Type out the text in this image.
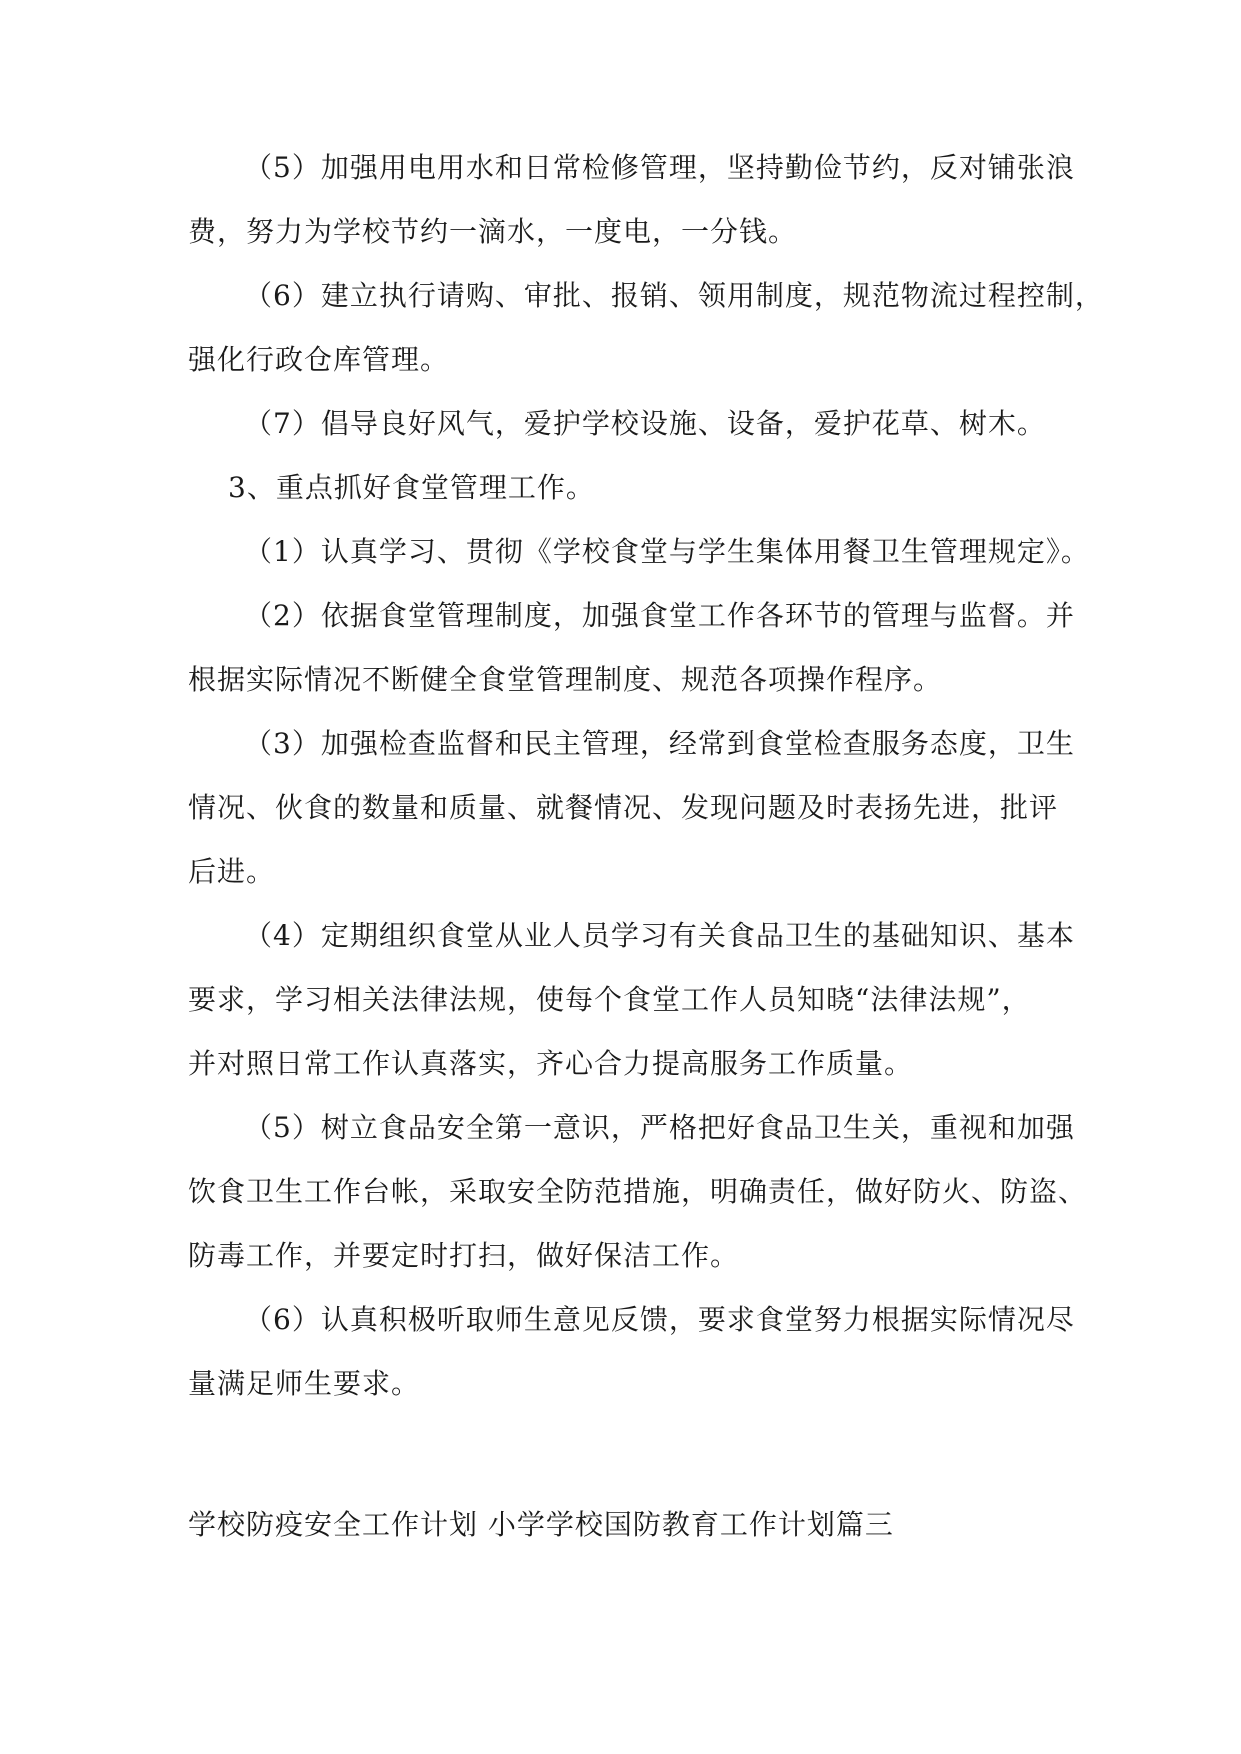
（5）加强用电用水和日常检修管理，坚持勤俭节约，反对铺张浪
费，努力为学校节约一滴水，一度电，一分钱。
（6）建立执行请购、审批、报销、领用制度，规范物流过程控制，
强化行政仓库管理。
（7）倡导良好风气，爱护学校设施、设备，爱护花草、树木。
3、重点抓好食堂管理工作。
（1）认真学习、贯彻《学校食堂与学生集体用餐卫生管理规定》。
（2）依据食堂管理制度，加强食堂工作各环节的管理与监督。并
根据实际情况不断健全食堂管理制度、规范各项操作程序。
（3）加强检查监督和民主管理，经常到食堂检查服务态度，卫生
情况、伙食的数量和质量、就餐情况、发现问题及时表扬先进，批评
后进。
（4）定期组织食堂从业人员学习有关食品卫生的基础知识、基本
要求，学习相关法律法规，使每个食堂工作人员知晓“法律法规”，
并对照日常工作认真落实，齐心合力提高服务工作质量。
（5）树立食品安全第一意识，严格把好食品卫生关，重视和加强
饮食卫生工作台帐，采取安全防范措施，明确责任，做好防火、防盗、
防毒工作，并要定时打扫，做好保洁工作。
（6）认真积极听取师生意见反馈，要求食堂努力根据实际情况尽
量满足师生要求。
学校防疫安全工作计划 小学学校国防教育工作计划篇三
